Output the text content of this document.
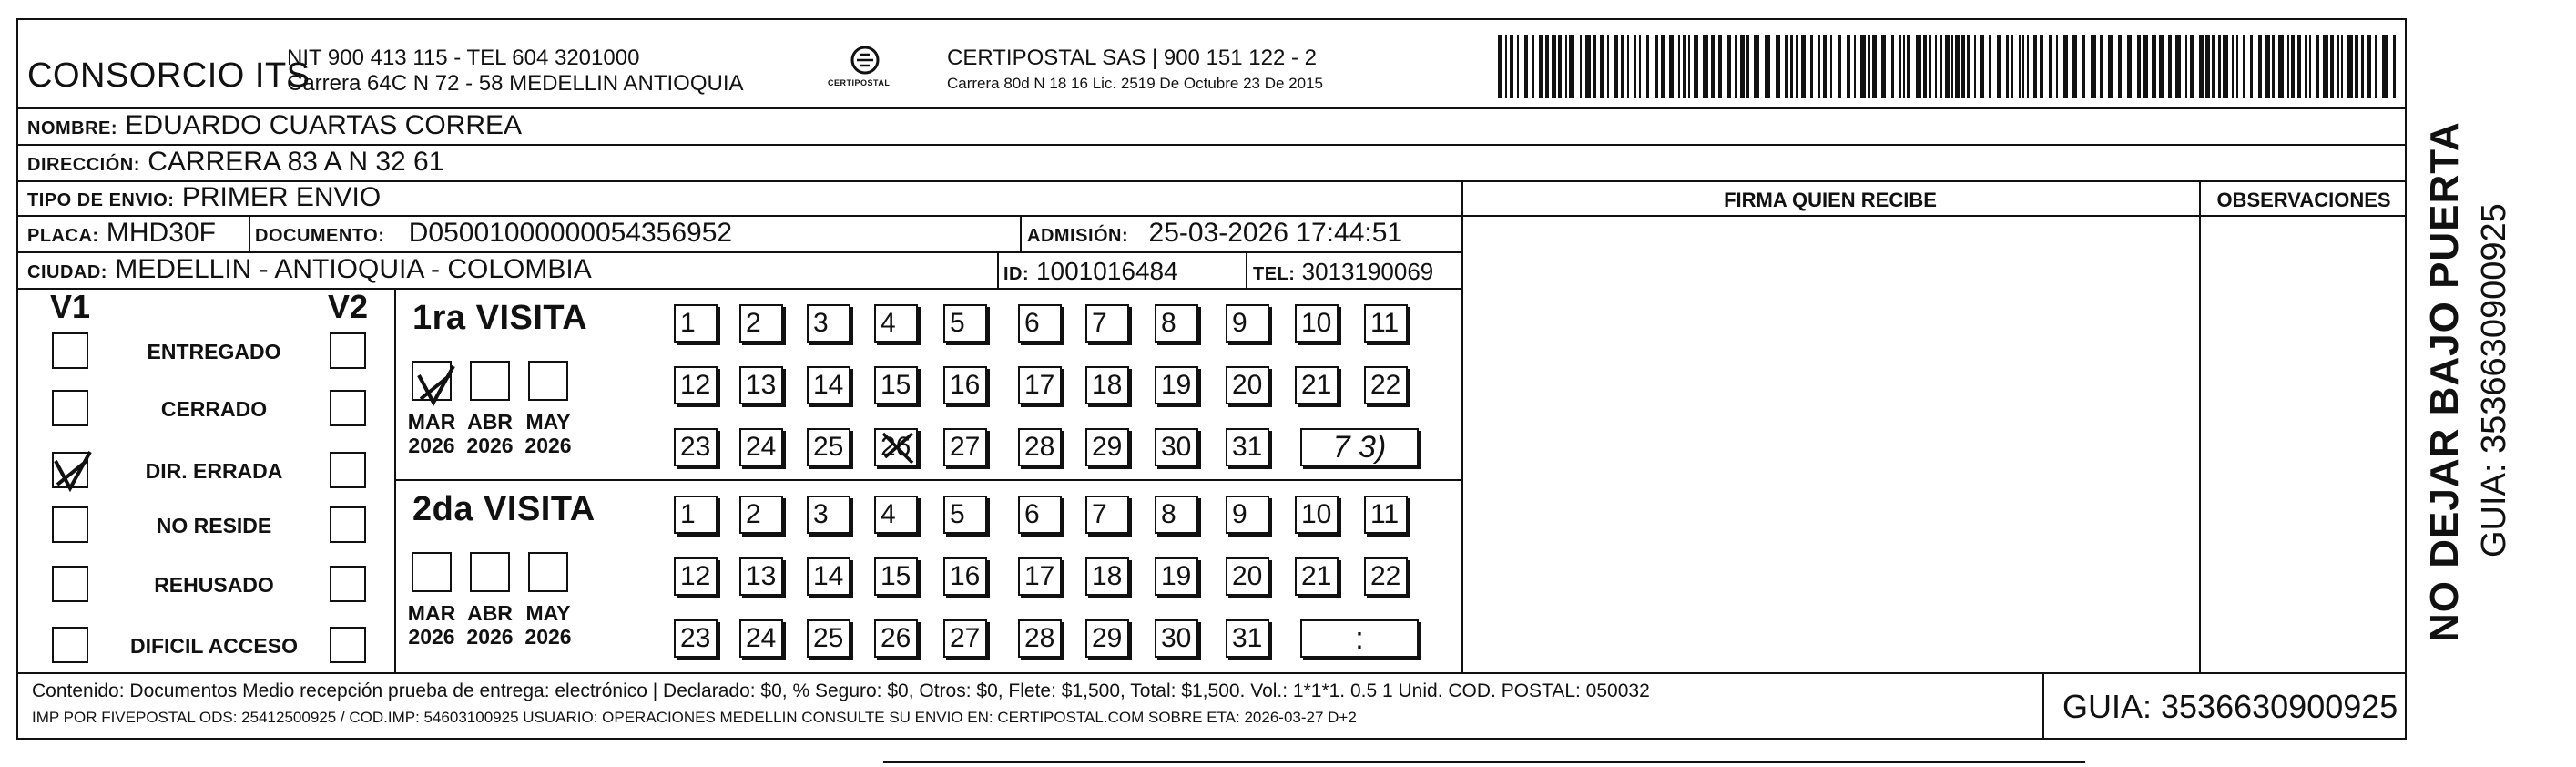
CONSORCIO ITS
NIT 900 413 115 - TEL 604 3201000
Carrera 64C N 72 - 58 MEDELLIN ANTIOQUIA	CERTIPOSTAL
CERTIPOSTAL SAS | 900 151 122 - 2
Carrera 80d N 18 16 Lic. 2519 De Octubre 23 De 2015
NOMBRE: EDUARDO CUARTAS CORREA
DIRECCIÓN: CARRERA 83 A N 32 61
TIPO DE ENVIO: PRIMER ENVIO	FIRMA QUIEN RECIBE	OBSERVACIONES
PLACA: MHD30F DOCUMENTO: D05001000000054356952	ADMISIÓN: 25-03-2026 17:44:51
CIUDAD: MEDELLIN - ANTIOQUIA - COLOMBIA	ID: 1001016484	TEL: 3013190069
V1	V2
ENTREGADO
CERRADO
DIR. ERRADA
NO RESIDE
REHUSADO
DIFICIL ACCESO
1ra VISITA
MAR
2026
ABR
2026
MAY
2026
1	2	3	4	5	6	7	8	9	10 11
12 13 14 15 16 17 18 19 20 21 22
23 24 25 26 27 28 29 30 31	7 3)
2da VISITA
MAR
2026
ABR
2026
MAY
2026
1	2	3	4	5	6	7	8	9	10 11
12 13 14 15 16 17 18 19 20 21 22
23 24 25 26 27 28 29 30 31	:
Contenido: Documentos Medio recepción prueba de entrega: electrónico | Declarado: $0, % Seguro: $0, Otros: $0, Flete: $1,500, Total: $1,500. Vol.: 1*1*1. 0.5 1 Unid. COD. POSTAL: 050032
IMP POR FIVEPOSTAL ODS: 25412500925 / COD.IMP: 54603100925 USUARIO: OPERACIONES MEDELLIN CONSULTE SU ENVIO EN: CERTIPOSTAL.COM SOBRE ETA: 2026-03-27 D+2	GUIA: 3536630900925
NO DEJAR BAJO PUERTA GUIA: 3536630900925
